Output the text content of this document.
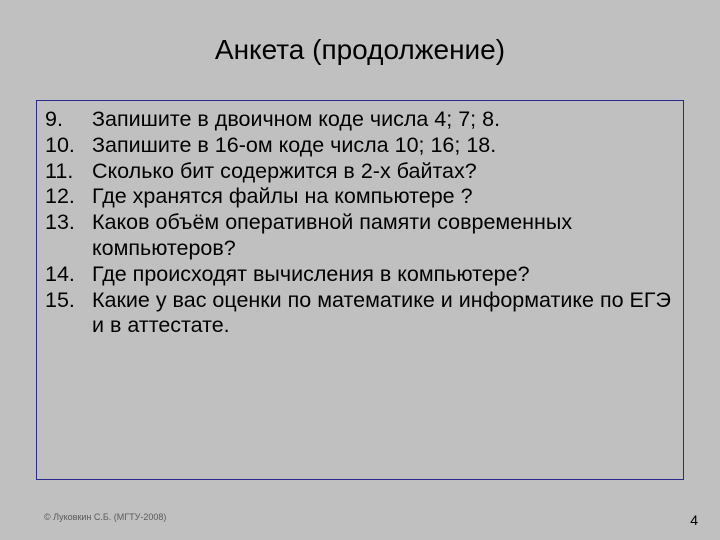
Анкета (продолжение)
9.	Запишите в двоичном коде числа 4; 7; 8.
10. Запишите в 16-ом коде числа 10; 16; 18.
11. Сколько бит содержится в 2-х байтах?
12. Где хранятся файлы на компьютере ?
13. Каков объём оперативной памяти современных компьютеров?
14. Где происходят вычисления в компьютере?
15. Какие у вас оценки по математике и информатике по ЕГЭ и в аттестате.
© Луковкин С.Б. (МГТУ-2008)	4
